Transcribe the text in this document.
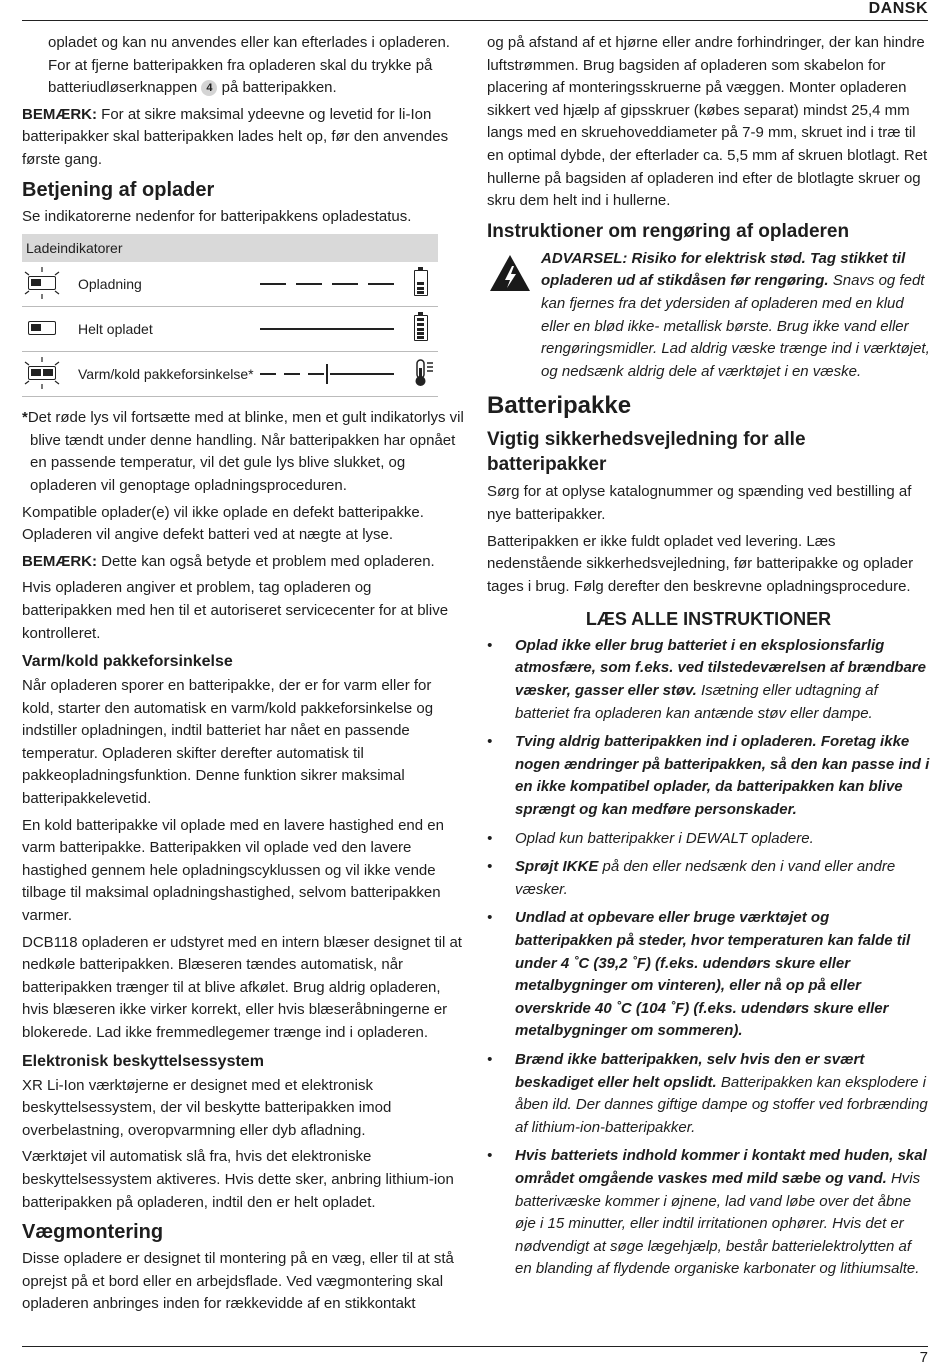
DANSK

opladet og kan nu anvendes eller kan efterlades i opladeren. For at fjerne batteripakken fra opladeren skal du trykke på batteriudløserknappen 4 på batteripakken.

BEMÆRK: For at sikre maksimal ydeevne og levetid for li-Ion batteripakker skal batteripakken lades helt op, før den anvendes første gang.

Betjening af oplader

Se indikatorerne nedenfor for batteripakkens opladestatus.

Ladeindikatorer
Opladning
Helt opladet
Varm/kold pakkeforsinkelse*

*Det røde lys vil fortsætte med at blinke, men et gult indikatorlys vil blive tændt under denne handling. Når batteripakken har opnået en passende temperatur, vil det gule lys blive slukket, og opladeren vil genoptage opladningsproceduren.

Kompatible oplader(e) vil ikke oplade en defekt batteripakke. Opladeren vil angive defekt batteri ved at nægte at lyse.

BEMÆRK: Dette kan også betyde et problem med opladeren.

Hvis opladeren angiver et problem, tag opladeren og batteripakken med hen til et autoriseret servicecenter for at blive kontrolleret.

Varm/kold pakkeforsinkelse

Når opladeren sporer en batteripakke, der er for varm eller for kold, starter den automatisk en varm/kold pakkeforsinkelse og indstiller opladningen, indtil batteriet har nået en passende temperatur. Opladeren skifter derefter automatisk til pakkeopladningsfunktion. Denne funktion sikrer maksimal batteripakkelevetid.

En kold batteripakke vil oplade med en lavere hastighed end en varm batteripakke. Batteripakken vil oplade ved den lavere hastighed gennem hele opladningscyklussen og vil ikke vende tilbage til maksimal opladningshastighed, selvom batteripakken varmer.

DCB118 opladeren er udstyret med en intern blæser designet til at nedkøle batteripakken. Blæseren tændes automatisk, når batteripakken trænger til at blive afkølet. Brug aldrig opladeren, hvis blæseren ikke virker korrekt, eller hvis blæseråbningerne er blokerede. Lad ikke fremmedlegemer trænge ind i opladeren.

Elektronisk beskyttelsessystem

XR Li-Ion værktøjerne er designet med et elektronisk beskyttelsessystem, der vil beskytte batteripakken imod overbelastning, overopvarmning eller dyb afladning.

Værktøjet vil automatisk slå fra, hvis det elektroniske beskyttelsessystem aktiveres. Hvis dette sker, anbring lithium-ion batteripakken på opladeren, indtil den er helt opladet.

Vægmontering

Disse opladere er designet til montering på en væg, eller til at stå oprejst på et bord eller en arbejdsflade. Ved vægmontering skal opladeren anbringes inden for rækkevidde af en stikkontakt

og på afstand af et hjørne eller andre forhindringer, der kan hindre luftstrømmen. Brug bagsiden af opladeren som skabelon for placering af monteringsskruerne på væggen. Monter opladeren sikkert ved hjælp af gipsskruer (købes separat) mindst 25,4 mm langs med en skruehoveddiameter på 7-9 mm, skruet ind i træ til en optimal dybde, der efterlader ca. 5,5 mm af skruen blotlagt. Ret hullerne på bagsiden af opladeren ind efter de blotlagte skruer og skru dem helt ind i hullerne.

Instruktioner om rengøring af opladeren

ADVARSEL: Risiko for elektrisk stød. Tag stikket til opladeren ud af stikdåsen før rengøring. Snavs og fedt kan fjernes fra det ydersiden af opladeren med en klud eller en blød ikke- metallisk børste. Brug ikke vand eller rengøringsmidler. Lad aldrig væske trænge ind i værktøjet, og nedsænk aldrig dele af værktøjet i en væske.

Batteripakke
Vigtig sikkerhedsvejledning for alle batteripakker

Sørg for at oplyse katalognummer og spænding ved bestilling af nye batteripakker.

Batteripakken er ikke fuldt opladet ved levering. Læs nedenstående sikkerhedsvejledning, før batteripakke og oplader tages i brug. Følg derefter den beskrevne opladningsprocedure.

LÆS ALLE INSTRUKTIONER
• Oplad ikke eller brug batteriet i en eksplosionsfarlig atmosfære, som f.eks. ved tilstedeværelsen af brændbare væsker, gasser eller støv. Isætning eller udtagning af batteriet fra opladeren kan antænde støv eller dampe.
• Tving aldrig batteripakken ind i opladeren. Foretag ikke nogen ændringer på batteripakken, så den kan passe ind i en ikke kompatibel oplader, da batteripakken kan blive sprængt og kan medføre personskader.
• Oplad kun batteripakker i DEWALT opladere.
• Sprøjt IKKE på den eller nedsænk den i vand eller andre væsker.
• Undlad at opbevare eller bruge værktøjet og batteripakken på steder, hvor temperaturen kan falde til under 4 ˚C (39,2 ˚F) (f.eks. udendørs skure eller metalbygninger om vinteren), eller nå op på eller overskride 40 ˚C (104 ˚F) (f.eks. udendørs skure eller metalbygninger om sommeren).
• Brænd ikke batteripakken, selv hvis den er svært beskadiget eller helt opslidt. Batteripakken kan eksplodere i åben ild. Der dannes giftige dampe og stoffer ved forbrænding af lithium-ion-batteripakker.
• Hvis batteriets indhold kommer i kontakt med huden, skal området omgående vaskes med mild sæbe og vand. Hvis batterivæske kommer i øjnene, lad vand løbe over det åbne øje i 15 minutter, eller indtil irritationen ophører. Hvis det er nødvendigt at søge lægehjælp, består batterielektrolytten af en blanding af flydende organiske karbonater og lithiumsalte.
7
